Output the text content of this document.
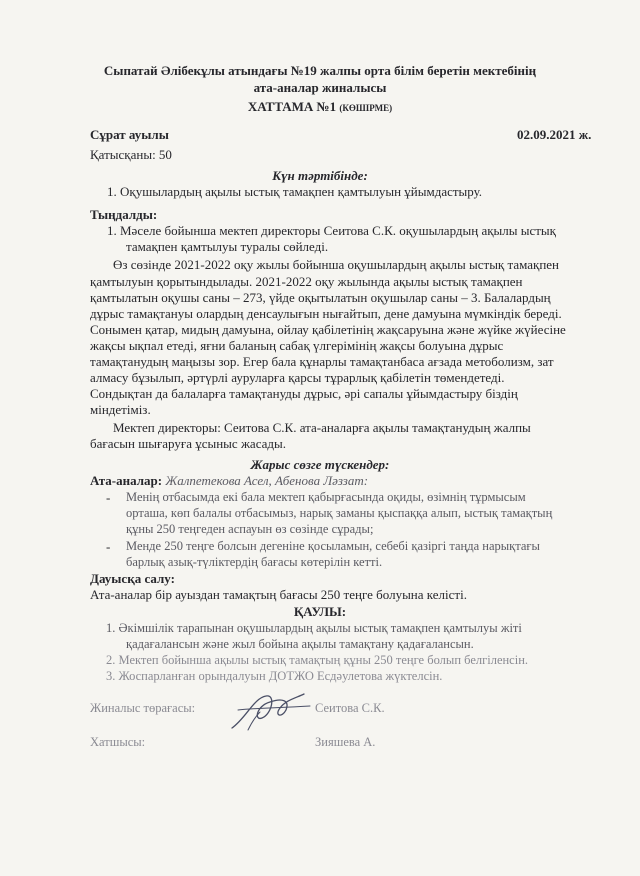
Сыпатай Әлібекұлы атындағы №19 жалпы орта білім беретін мектебінің
ата-аналар жиналысы
ХАТТАМА №1 (КӨШІРМЕ)
Сұрат ауылы	02.09.2021 ж.
Қатысқаны: 50
Күн тәртібінде:
1. Оқушылардың ақылы ыстық тамақпен қамтылуын ұйымдастыру.
Тыңдалды:
1. Мәселе бойынша мектеп директоры Сеитова С.К. оқушылардың ақылы ыстық
тамақпен қамтылуы туралы сөйледі.
Өз сөзінде 2021-2022 оқу жылы бойынша оқушылардың ақылы ыстық тамақпен
қамтылуын қорытындылады. 2021-2022 оқу жылында ақылы ыстық тамақпен
қамтылатын оқушы саны – 273, үйде оқытылатын оқушылар саны – 3. Балалардың
дұрыс тамақтануы олардың денсаулығын нығайтып, дене дамуына мүмкіндік береді.
Сонымен қатар, мидың дамуына, ойлау қабілетінің жақсаруына және жүйке жүйесіне
жақсы ықпал етеді, яғни баланың сабақ үлгерімінің жақсы болуына дұрыс
тамақтанудың маңызы зор. Егер бала құнарлы тамақтанбаса ағзада метоболизм, зат
алмасу бұзылып, әртүрлі ауруларға қарсы тұрарлық қабілетін төмендетеді.
Сондықтан да балаларға тамақтануды дұрыс, әрі сапалы ұйымдастыру біздің
міндетіміз.
Мектеп директоры: Сеитова С.К. ата-аналарға ақылы тамақтанудың жалпы
бағасын шығаруға ұсыныс жасады.
Жарыс сөзге түскендер:
Ата-аналар: Жалпетекова Асел, Абенова Ләззат:
- Менің отбасымда екі бала мектеп қабырғасында оқиды, өзімнің тұрмысым
орташа, көп балалы отбасымыз, нарық заманы қыспаққа алып, ыстық тамақтың
құны 250 теңгеден аспауын өз сөзінде сұрады;
- Менде 250 теңге болсын дегеніне қосыламын, себебі қазіргі таңда нарықтағы
барлық азық-түліктердің бағасы көтерілін кетті.
Дауысқа салу:
Ата-аналар бір ауыздан тамақтың бағасы 250 теңге болуына келісті.
ҚАУЛЫ:
1. Әкімшілік тарапынан оқушылардың ақылы ыстық тамақпен қамтылуы жіті
қадағалансын және жыл бойына ақылы тамақтану қадағалансын.
2. Мектеп бойынша ақылы ыстық тамақтың құны 250 теңге болып белгіленсін.
3. Жоспарланған орындалуын ДОТЖО Есдәулетова жүктелсін.
Жиналыс төрағасы:	Сеитова С.К.
Хатшысы:	Зияшева А.
